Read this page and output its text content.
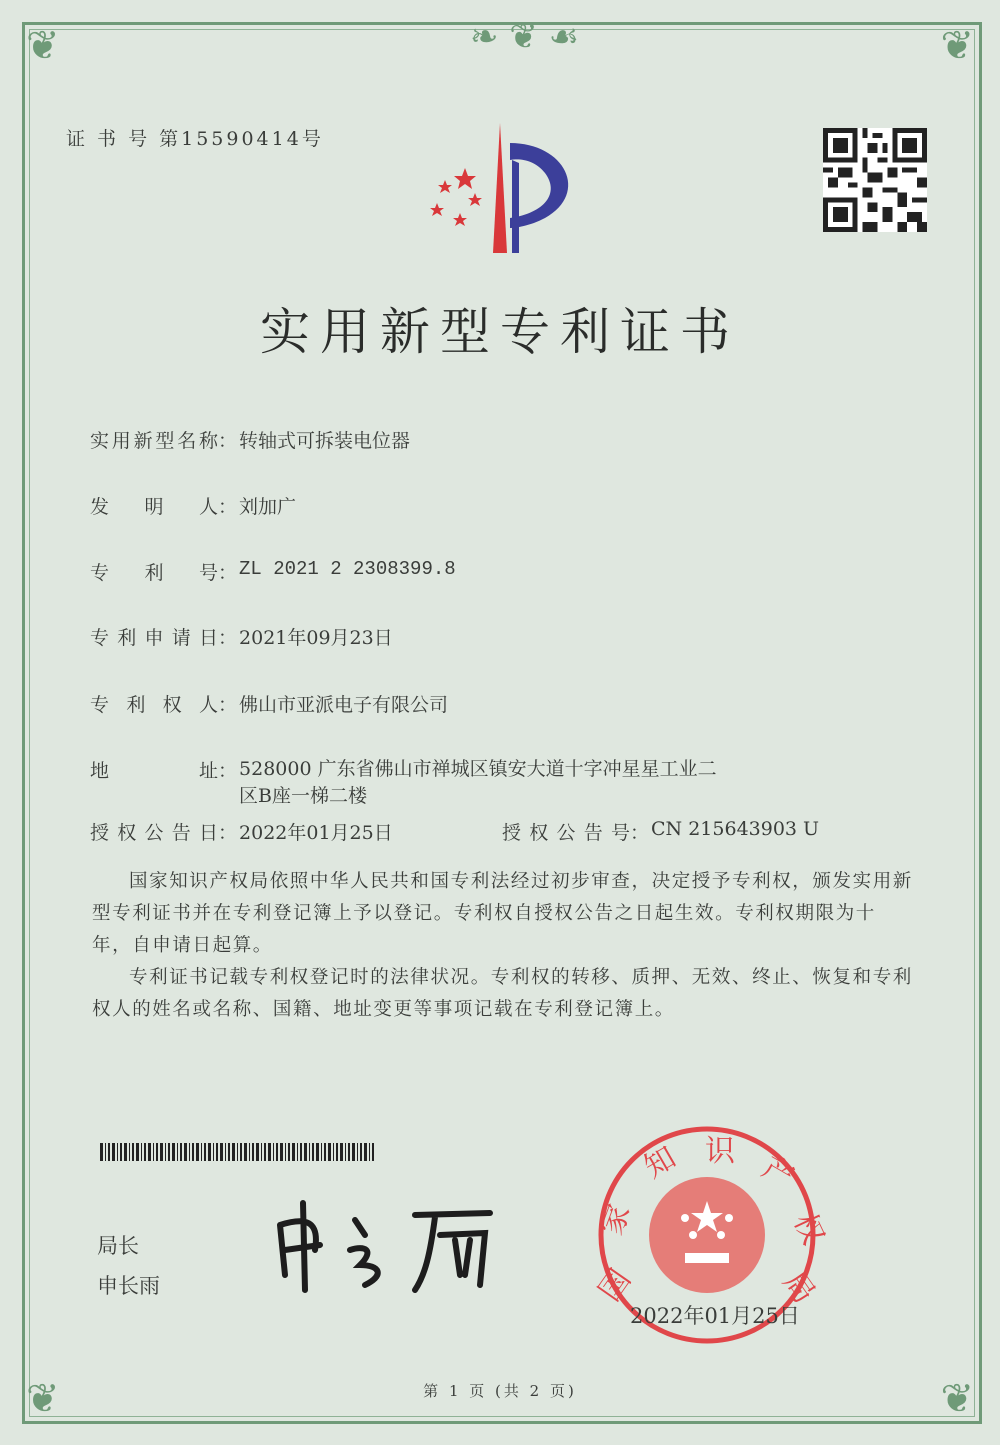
❦	❦
❦	❦
❧ ❦ ☙
证 书 号 第15590414号
实用新型专利证书
实用新型名称 ： 转轴式可拆装电位器
发明人 ： 刘加广
专利号 ： ZL 2021 2 2308399.8
专利申请日 ： 2021年09月23日
专利权人 ： 佛山市亚派电子有限公司
地址 ： 528000 广东省佛山市禅城区镇安大道十字冲星星工业二
区B座一梯二楼
授权公告日 ： 2022年01月25日	授权公告号 ： CN 215643903 U

国家知识产权局依照中华人民共和国专利法经过初步审查，决定授予专利权，颁发实用新型专利证书并在专利登记簿上予以登记。专利权自授权公告之日起生效。专利权期限为十年，自申请日起算。

专利证书记载专利权登记时的法律状况。专利权的转移、质押、无效、终止、恢复和专利权人的姓名或名称、国籍、地址变更等事项记载在专利登记簿上。

局长
申长雨	国
家
知 识 产
权
局
2022年01月25日
第 1 页 (共 2 页)
